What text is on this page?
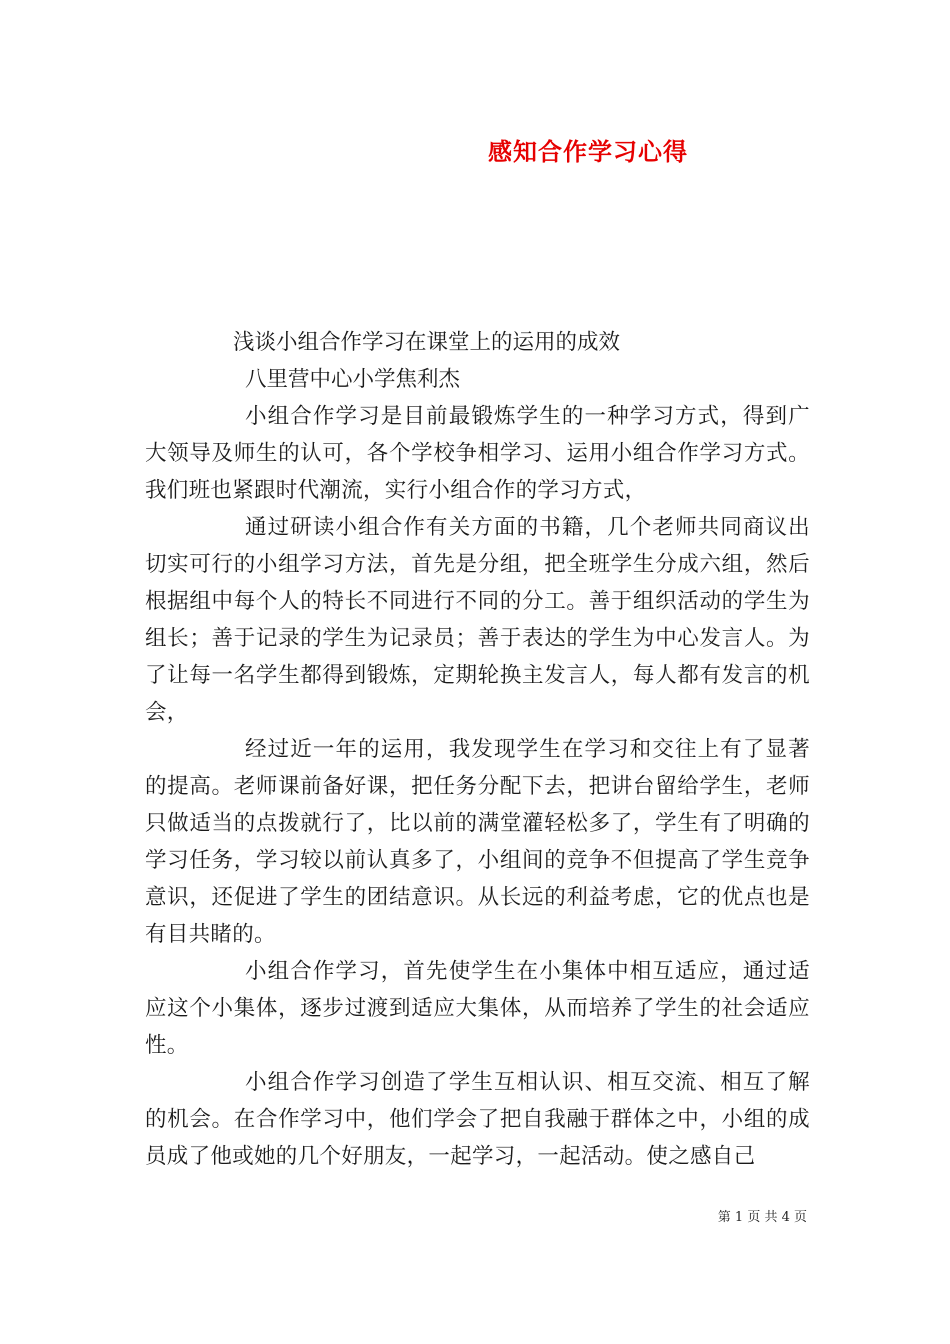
感知合作学习心得

浅谈小组合作学习在课堂上的运用的成效

八里营中心小学焦利杰

小组合作学习是目前最锻炼学生的一种学习方式，得到广大领导及师生的认可，各个学校争相学习、运用小组合作学习方式。我们班也紧跟时代潮流，实行小组合作的学习方式，

通过研读小组合作有关方面的书籍，几个老师共同商议出切实可行的小组学习方法，首先是分组，把全班学生分成六组，然后根据组中每个人的特长不同进行不同的分工。善于组织活动的学生为组长；善于记录的学生为记录员；善于表达的学生为中心发言人。为了让每一名学生都得到锻炼，定期轮换主发言人，每人都有发言的机会，

经过近一年的运用，我发现学生在学习和交往上有了显著的提高。老师课前备好课，把任务分配下去，把讲台留给学生，老师只做适当的点拨就行了，比以前的满堂灌轻松多了，学生有了明确的学习任务，学习较以前认真多了，小组间的竞争不但提高了学生竞争意识，还促进了学生的团结意识。从长远的利益考虑，它的优点也是有目共睹的。

小组合作学习，首先使学生在小集体中相互适应，通过适应这个小集体，逐步过渡到适应大集体，从而培养了学生的社会适应性。

小组合作学习创造了学生互相认识、相互交流、相互了解的机会。在合作学习中，他们学会了把自我融于群体之中，小组的成员成了他或她的几个好朋友，一起学习，一起活动。使之感自己

第 1 页 共 4 页
